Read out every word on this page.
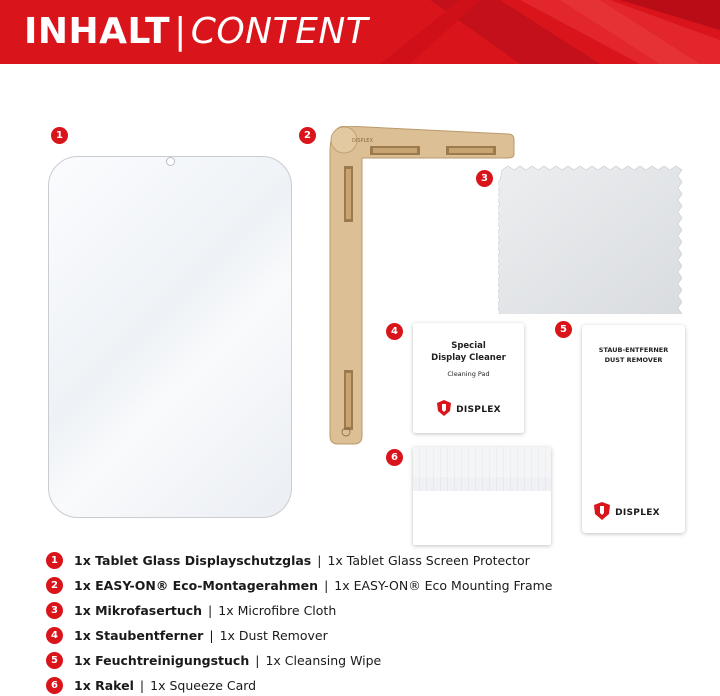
INHALT | CONTENT
1	2	DISPLEX
3
4
Special
Display Cleaner
Cleaning Pad
DISPLEX
5
STAUB-ENTFERNER
DUST REMOVER
DISPLEX
6
1	1x Tablet Glass Displayschutzglas | 1x Tablet Glass Screen Protector
2	1x EASY-ON® Eco-Montagerahmen | 1x EASY-ON® Eco Mounting Frame
3	1x Mikrofasertuch | 1x Microfibre Cloth
4	1x Staubentferner | 1x Dust Remover
5	1x Feuchtreinigungstuch | 1x Cleansing Wipe
6	1x Rakel | 1x Squeeze Card
